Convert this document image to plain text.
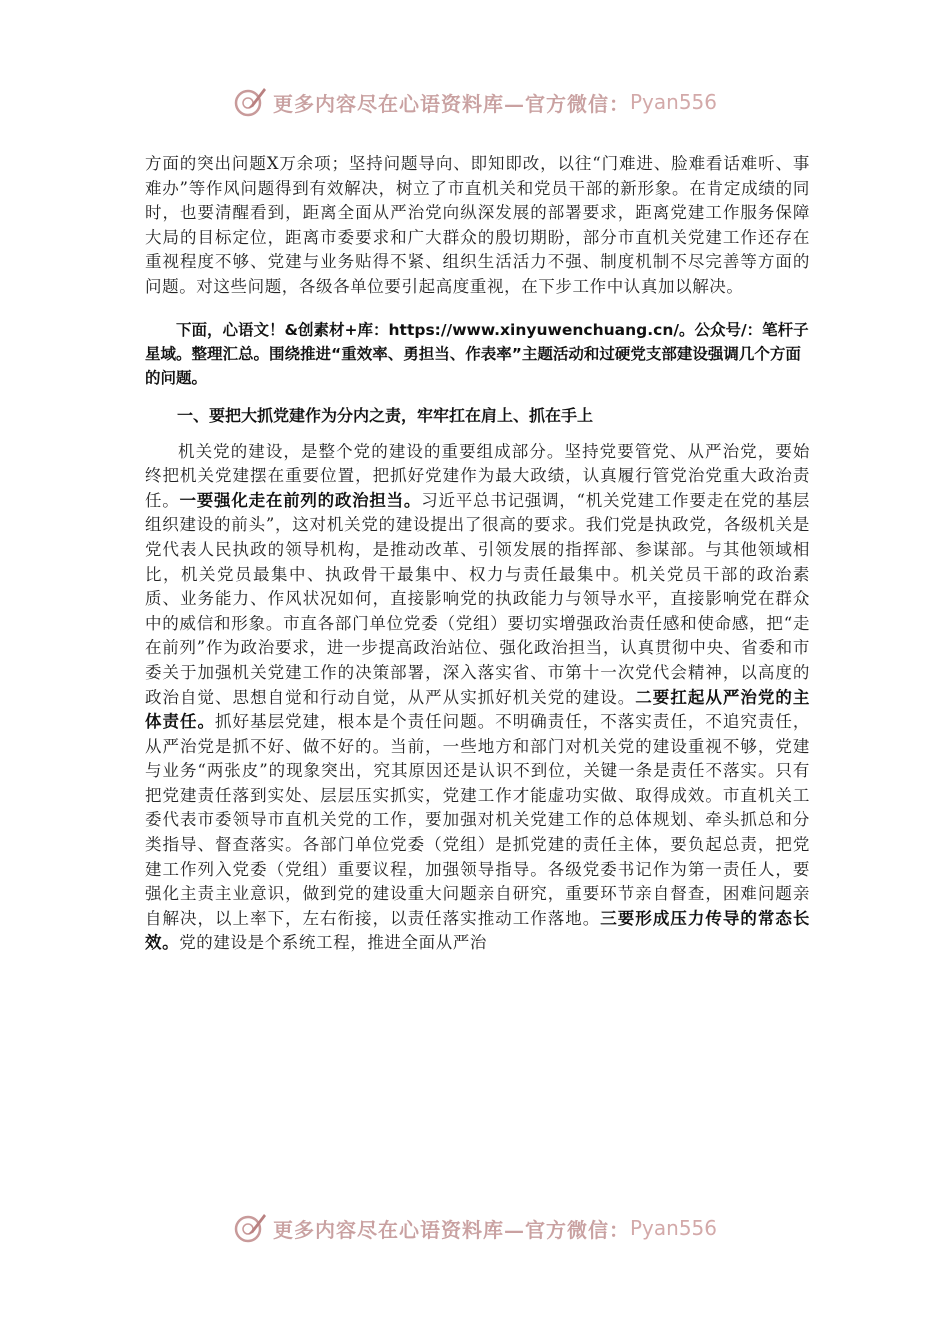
更多内容尽在心语资料库—官方微信： Pyan556

方面的突出问题X万余项；坚持问题导向、即知即改，以往“门难进、脸难看话难听、事难办”等作风问题得到有效解决，树立了市直机关和党员干部的新形象。在肯定成绩的同时，也要清醒看到，距离全面从严治党向纵深发展的部署要求，距离党建工作服务保障大局的目标定位，距离市委要求和广大群众的殷切期盼，部分市直机关党建工作还存在重视程度不够、党建与业务贴得不紧、组织生活活力不强、制度机制不尽完善等方面的问题。对这些问题，各级各单位要引起高度重视，在下步工作中认真加以解决。

下面，心语文！&创素材+库：https://www.xinyuwenchuang.cn/。公众号/：笔杆子星域。整理汇总。围绕推进“重效率、勇担当、作表率”主题活动和过硬党支部建设强调几个方面的问题。

一、要把大抓党建作为分内之责，牢牢扛在肩上、抓在手上

机关党的建设，是整个党的建设的重要组成部分。坚持党要管党、从严治党，要始终把机关党建摆在重要位置，把抓好党建作为最大政绩，认真履行管党治党重大政治责任。一要强化走在前列的政治担当。习近平总书记强调，“机关党建工作要走在党的基层组织建设的前头”，这对机关党的建设提出了很高的要求。我们党是执政党，各级机关是党代表人民执政的领导机构，是推动改革、引领发展的指挥部、参谋部。与其他领域相比，机关党员最集中、执政骨干最集中、权力与责任最集中。机关党员干部的政治素质、业务能力、作风状况如何，直接影响党的执政能力与领导水平，直接影响党在群众中的威信和形象。市直各部门单位党委（党组）要切实增强政治责任感和使命感，把“走在前列”作为政治要求，进一步提高政治站位、强化政治担当，认真贯彻中央、省委和市委关于加强机关党建工作的决策部署，深入落实省、市第十一次党代会精神，以高度的政治自觉、思想自觉和行动自觉，从严从实抓好机关党的建设。二要扛起从严治党的主体责任。抓好基层党建，根本是个责任问题。不明确责任，不落实责任，不追究责任，从严治党是抓不好、做不好的。当前，一些地方和部门对机关党的建设重视不够，党建与业务“两张皮”的现象突出，究其原因还是认识不到位，关键一条是责任不落实。只有把党建责任落到实处、层层压实抓实，党建工作才能虚功实做、取得成效。市直机关工委代表市委领导市直机关党的工作，要加强对机关党建工作的总体规划、牵头抓总和分类指导、督查落实。各部门单位党委（党组）是抓党建的责任主体，要负起总责，把党建工作列入党委（党组）重要议程，加强领导指导。各级党委书记作为第一责任人，要强化主责主业意识，做到党的建设重大问题亲自研究，重要环节亲自督查，困难问题亲自解决，以上率下，左右衔接，以责任落实推动工作落地。三要形成压力传导的常态长效。党的建设是个系统工程，推进全面从严治

更多内容尽在心语资料库—官方微信： Pyan556
